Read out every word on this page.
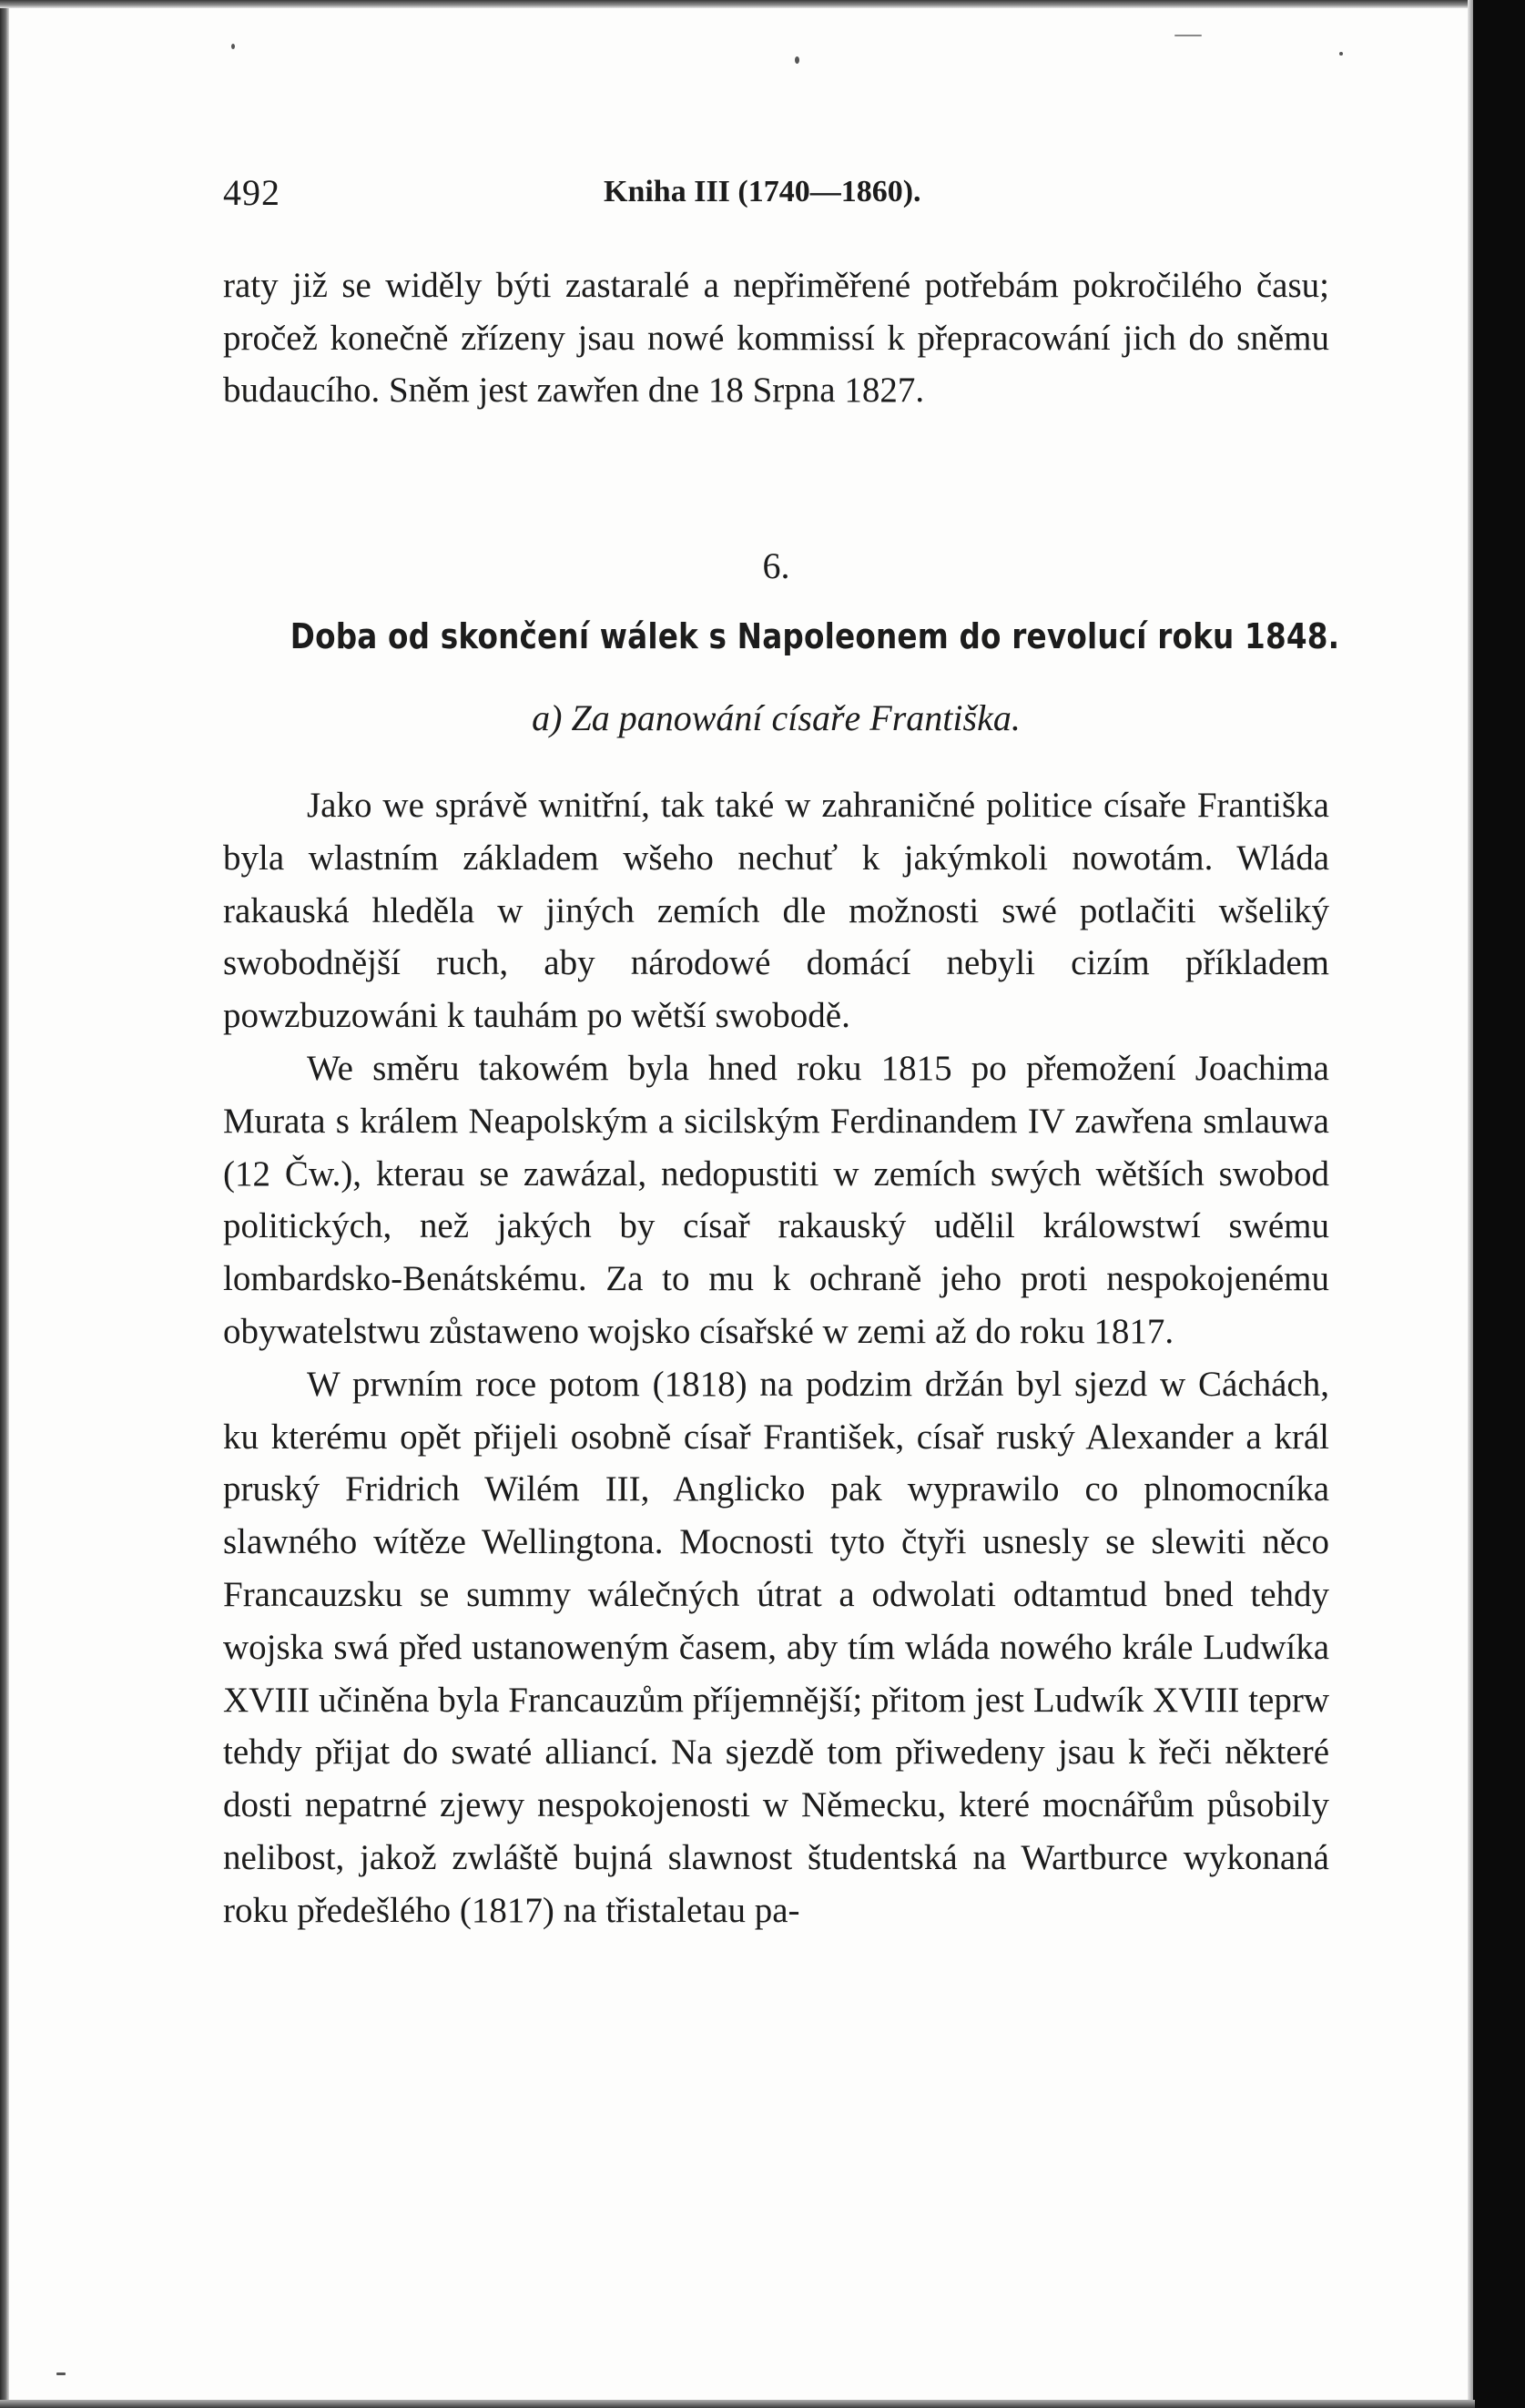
492	Kniha III (1740—1860).

raty již se widěly býti zastaralé a nepřiměřené potřebám pokročilého času; pročež konečně zřízeny jsau nowé kommissí k přepracowání jich do sněmu budaucího. Sněm jest zawřen dne 18 Srpna 1827.

6.
Doba od skončení wálek s Napoleonem do revolucí roku 1848.
a) Za panowání císaře Františka.

Jako we správě wnitřní, tak také w zahraničné politice císaře Františka byla wlastním základem wšeho nechuť k jakýmkoli nowotám. Wláda rakauská hleděla w jiných zemích dle možnosti swé potlačiti wšeliký swobodnější ruch, aby národowé domácí nebyli cizím příkladem powzbuzowáni k tauhám po wětší swobodě.

We směru takowém byla hned roku 1815 po přemožení Joachima Murata s králem Neapolským a sicilským Ferdinandem IV zawřena smlauwa (12 Čw.), kterau se zawázal, nedopustiti w zemích swých wětších swobod politických, než jakých by císař rakauský udělil králowstwí swému lombardsko-Benátskému. Za to mu k ochraně jeho proti nespokojenému obywatelstwu zůstaweno wojsko císařské w zemi až do roku 1817.

W prwním roce potom (1818) na podzim držán byl sjezd w Cáchách, ku kterému opět přijeli osobně císař František, císař ruský Alexander a král pruský Fridrich Wilém III, Anglicko pak wyprawilo co plnomocníka slawného wítěze Wellingtona. Mocnosti tyto čtyři usnesly se slewiti něco Francauzsku se summy wálečných útrat a odwolati odtamtud bned tehdy wojska swá před ustanoweným časem, aby tím wláda nowého krále Ludwíka XVIII učiněna byla Francauzům příjemnější; přitom jest Ludwík XVIII teprw tehdy přijat do swaté alliancí. Na sjezdě tom přiwedeny jsau k řeči některé dosti nepatrné zjewy nespokojenosti w Německu, které mocnářům působily nelibost, jakož zwláště bujná slawnost študentská na Wartburce wykonaná roku předešlého (1817) na třistaletau pa-
